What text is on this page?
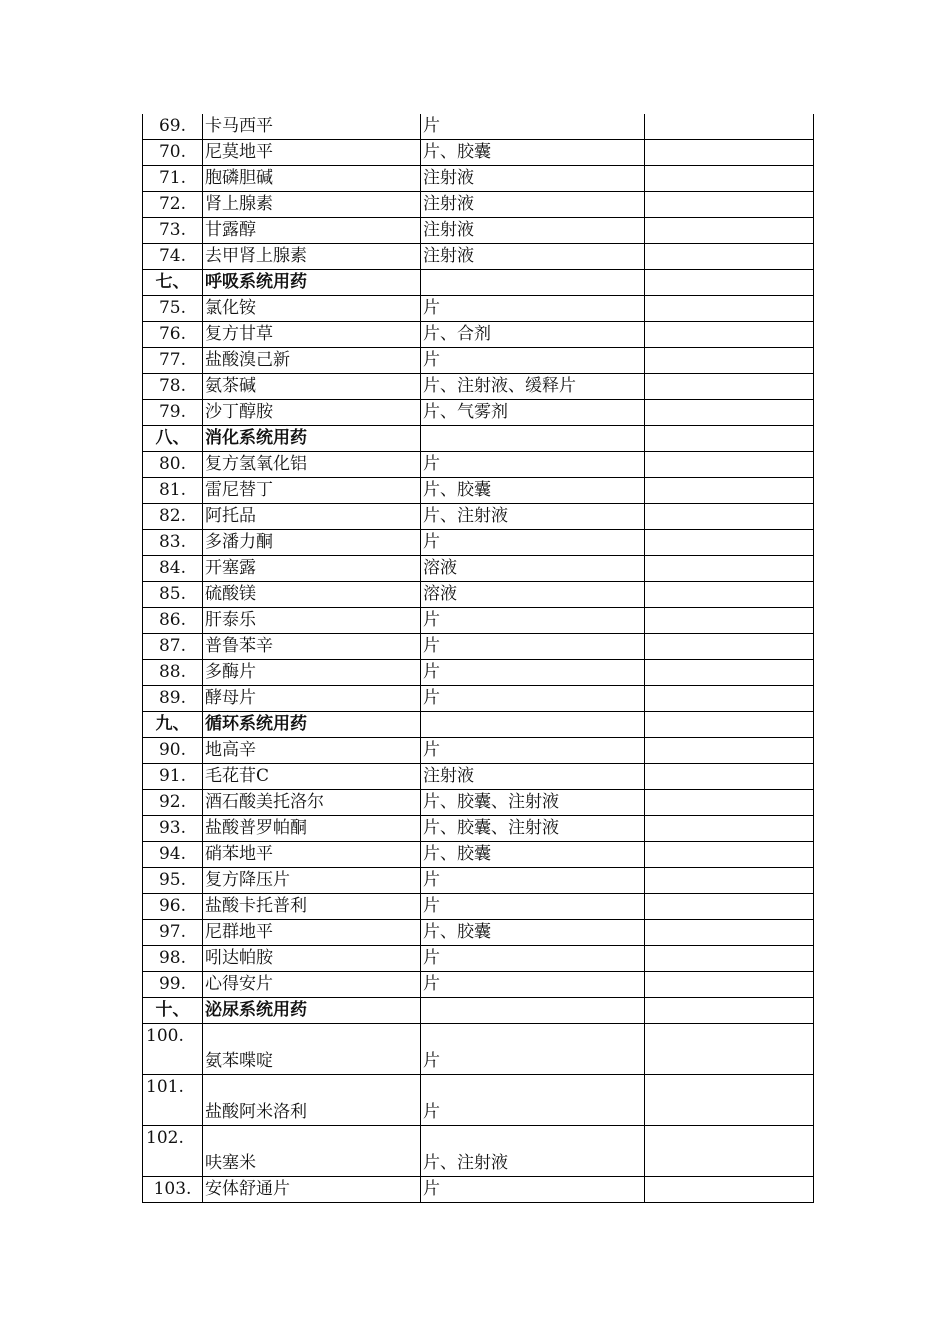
69.	卡马西平	片	
70.	尼莫地平	片、胶囊	
71.	胞磷胆碱	注射液	
72.	肾上腺素	注射液	
73.	甘露醇	注射液	
74.	去甲肾上腺素	注射液	
七、	呼吸系统用药		
75.	氯化铵	片	
76.	复方甘草	片、合剂	
77.	盐酸溴己新	片	
78.	氨茶碱	片、注射液、缓释片	
79.	沙丁醇胺	片、气雾剂	
八、	消化系统用药		
80.	复方氢氧化铝	片	
81.	雷尼替丁	片、胶囊	
82.	阿托品	片、注射液	
83.	多潘力酮	片	
84.	开塞露	溶液	
85.	硫酸镁	溶液	
86.	肝泰乐	片	
87.	普鲁苯辛	片	
88.	多酶片	片	
89.	酵母片	片	
九、	循环系统用药		
90.	地高辛	片	
91.	毛花苷C	注射液	
92.	酒石酸美托洛尔	片、胶囊、注射液	
93.	盐酸普罗帕酮	片、胶囊、注射液	
94.	硝苯地平	片、胶囊	
95.	复方降压片	片	
96.	盐酸卡托普利	片	
97.	尼群地平	片、胶囊	
98.	吲达帕胺	片	
99.	心得安片	片	
十、	泌尿系统用药		
100.	氨苯喋啶	片	
101.	盐酸阿米洛利	片	
102.	呋塞米	片、注射液	
103.	安体舒通片	片	
